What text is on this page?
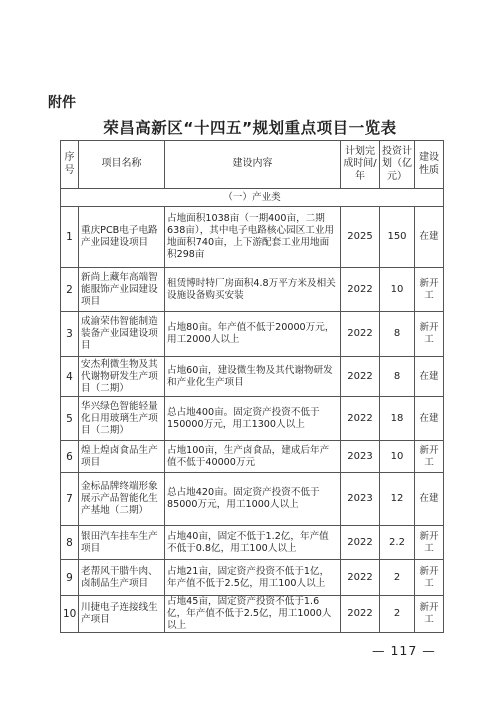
附件
荣昌高新区“十四五”规划重点项目一览表
序号	项目名称	建设内容	计划完成时间/年	投资计划（亿元）	建设性质
（一）产业类					
1	重庆PCB电子电路产业园建设项目	占地面积1038亩（一期400亩，二期638亩），其中电子电路核心园区工业用地面积740亩，上下游配套工业用地面积298亩	2025	150	在建
2	新尚上藏年高端智能服饰产业园建设项目	租赁博时特厂房面积4.8万平方米及相关设施设备购买安装	2022	10	新开工
3	成渝荣伟智能制造装备产业园建设项目	占地80亩。年产值不低于20000万元，用工2000人以上	2022	8	新开工
4	安杰利微生物及其代谢物研发生产项目（二期）	占地60亩，建设微生物及其代谢物研发和产业化生产项目	2022	8	在建
5	华兴绿色智能轻量化日用玻璃生产项目（二期）	总占地400亩。固定资产投资不低于150000万元，用工1300人以上	2022	18	在建
6	煌上煌卤食品生产项目	占地100亩，生产卤食品，建成后年产值不低于40000万元	2023	10	新开工
7	金标品牌终端形象展示产品智能化生产基地（二期）	总占地420亩。固定资产投资不低于85000万元，用工1000人以上	2023	12	在建
8	银田汽车挂车生产项目	占地40亩，固定不低于1.2亿，年产值不低于0.8亿，用工100人以上	2022	2.2	新开工
9	老帮风干腊牛肉、卤制品生产项目	占地21亩，固定资产投资不低于1亿，年产值不低于2.5亿，用工100人以上	2022	2	新开工
10	川捷电子连接线生产项目	占地45亩，固定资产投资不低于1.6亿，年产值不低于2.5亿，用工1000人以上	2022	2	新开工
— 117 —
